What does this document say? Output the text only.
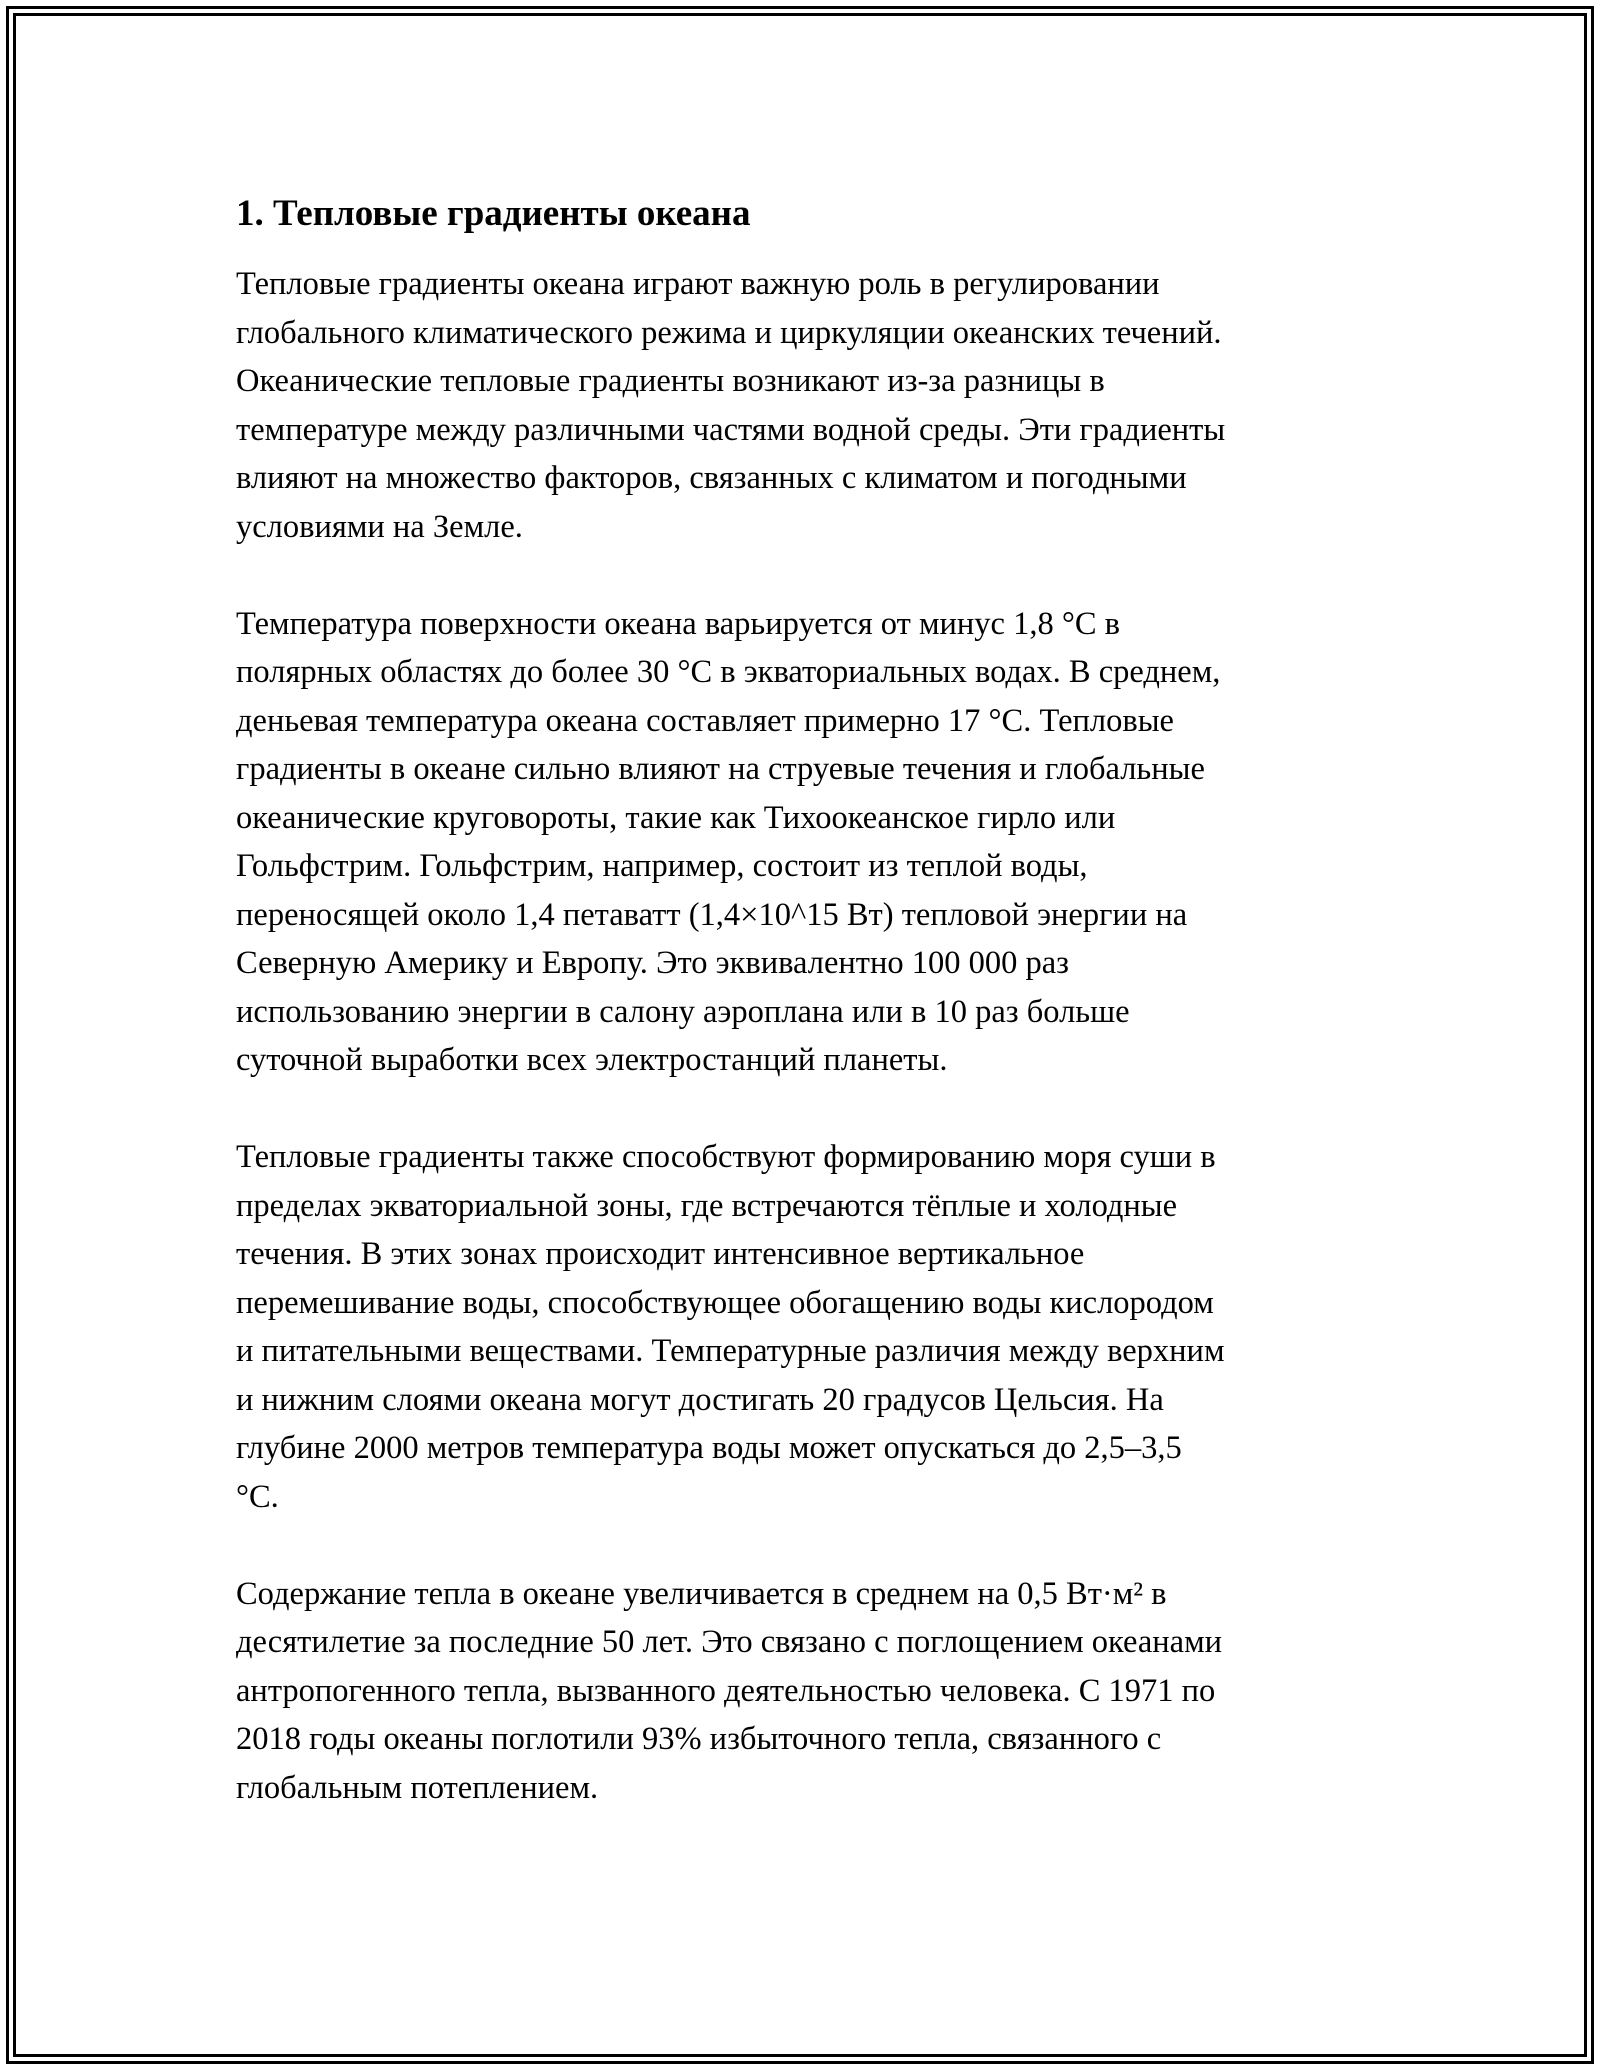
1. Тепловые градиенты океана

Тепловые градиенты океана играют важную роль в регулировании
глобального климатического режима и циркуляции океанских течений.
Океанические тепловые градиенты возникают из-за разницы в
температуре между различными частями водной среды. Эти градиенты
влияют на множество факторов, связанных с климатом и погодными
условиями на Земле.

Температура поверхности океана варьируется от минус 1,8 °C в
полярных областях до более 30 °C в экваториальных водах. В среднем,
деньевая температура океана составляет примерно 17 °C. Тепловые
градиенты в океане сильно влияют на струевые течения и глобальные
океанические круговороты, такие как Тихоокеанское гирло или
Гольфстрим. Гольфстрим, например, состоит из теплой воды,
переносящей около 1,4 петаватт (1,4×10^15 Вт) тепловой энергии на
Северную Америку и Европу. Это эквивалентно 100 000 раз
использованию энергии в салону аэроплана или в 10 раз больше
суточной выработки всех электростанций планеты.

Тепловые градиенты также способствуют формированию моря суши в
пределах экваториальной зоны, где встречаются тёплые и холодные
течения. В этих зонах происходит интенсивное вертикальное
перемешивание воды, способствующее обогащению воды кислородом
и питательными веществами. Температурные различия между верхним
и нижним слоями океана могут достигать 20 градусов Цельсия. На
глубине 2000 метров температура воды может опускаться до 2,5–3,5
°C.

Содержание тепла в океане увеличивается в среднем на 0,5 Вт·м² в
десятилетие за последние 50 лет. Это связано с поглощением океанами
антропогенного тепла, вызванного деятельностью человека. С 1971 по
2018 годы океаны поглотили 93% избыточного тепла, связанного с
глобальным потеплением.
